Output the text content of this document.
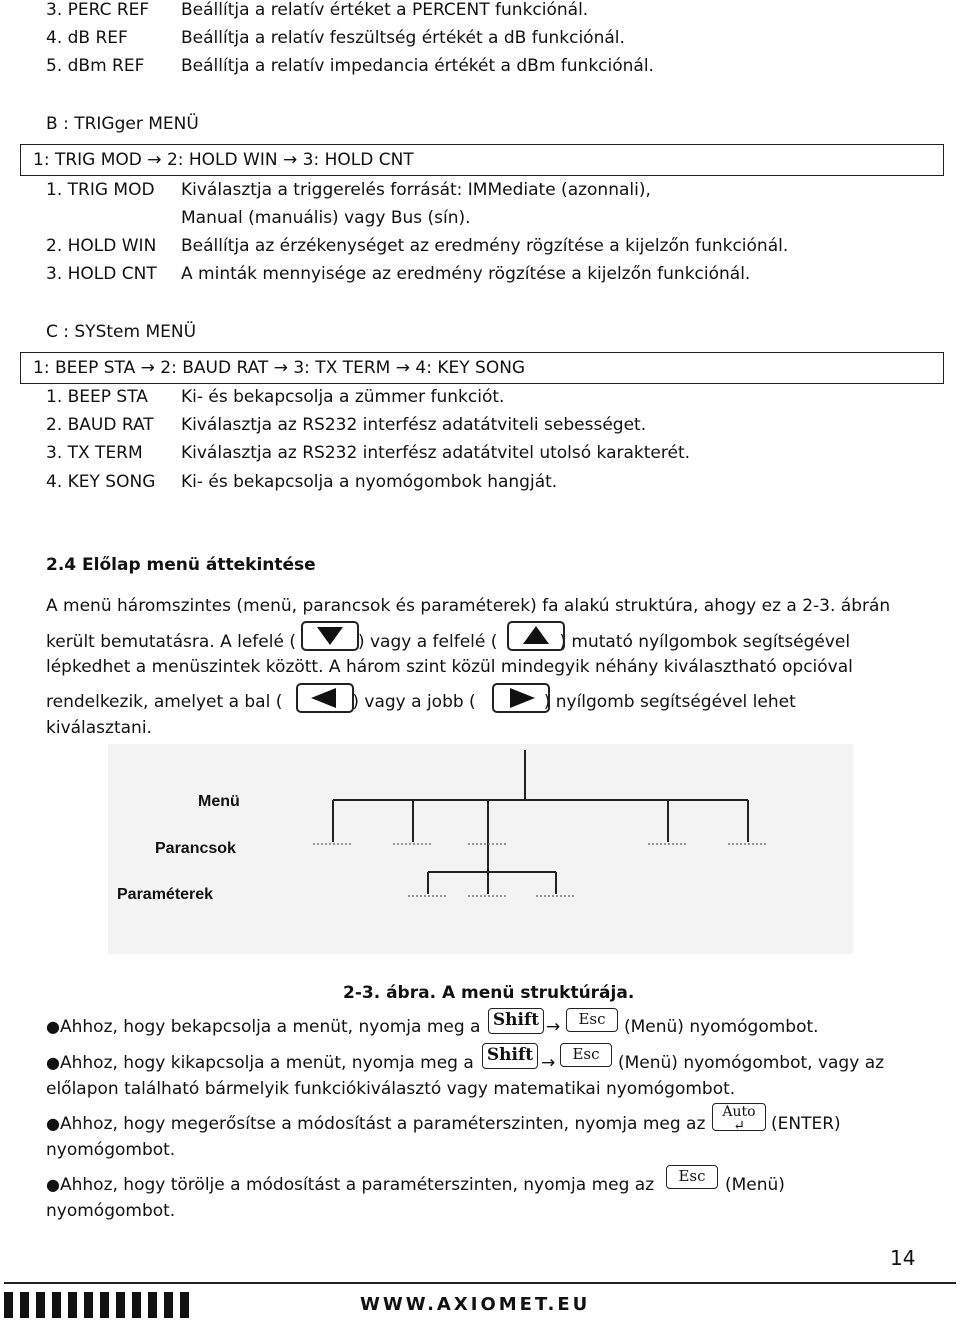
3. PERC REF Beállítja a relatív értéket a PERCENT funkciónál.
4. dB REF	Beállítja a relatív feszültség értékét a dB funkciónál.
5. dBm REF Beállítja a relatív impedancia értékét a dBm funkciónál.
B : TRIGger MENÜ
1: TRIG MOD → 2: HOLD WIN → 3: HOLD CNT
1. TRIG MOD Kiválasztja a triggerelés forrását: IMMediate (azonnali),
Manual (manuális) vagy Bus (sín).
2. HOLD WIN Beállítja az érzékenységet az eredmény rögzítése a kijelzőn funkciónál.
3. HOLD CNT A minták mennyisége az eredmény rögzítése a kijelzőn funkciónál.
C : SYStem MENÜ
1: BEEP STA → 2: BAUD RAT → 3: TX TERM → 4: KEY SONG
1. BEEP STA Ki- és bekapcsolja a zümmer funkciót.
2. BAUD RAT Kiválasztja az RS232 interfész adatátviteli sebességet.
3. TX TERM Kiválasztja az RS232 interfész adatátvitel utolsó karakterét.
4. KEY SONG Ki- és bekapcsolja a nyomógombok hangját.
2.4 Előlap menü áttekintése
A menü háromszintes (menü, parancsok és paraméterek) fa alakú struktúra, ahogy ez a 2-3. ábrán
került bemutatásra. A lefelé (	) vagy a felfelé (	) mutató nyílgombok segítségével
lépkedhet a menüszintek között. A három szint közül mindegyik néhány kiválasztható opcióval
rendelkezik, amelyet a bal (	) vagy a jobb (	) nyílgomb segítségével lehet
kiválasztani.
Menü
Parancsok
Paraméterek
2-3. ábra. A menü struktúrája.
● Ahhoz, hogy bekapcsolja a menüt, nyomja meg a Shift →	Esc	(Menü) nyomógombot.
● Ahhoz, hogy kikapcsolja a menüt, nyomja meg a Shift →	Esc	(Menü) nyomógombot, vagy az
előlapon található bármelyik funkciókiválasztó vagy matematikai nyomógombot.
● Ahhoz, hogy megerősítse a módosítást a paraméterszinten, nyomja meg az
Auto
↵	(ENTER)
nyomógombot.
● Ahhoz, hogy törölje a módosítást a paraméterszinten, nyomja meg az	Esc	(Menü)
nyomógombot.
14
WWW.AXIOMET.EU
